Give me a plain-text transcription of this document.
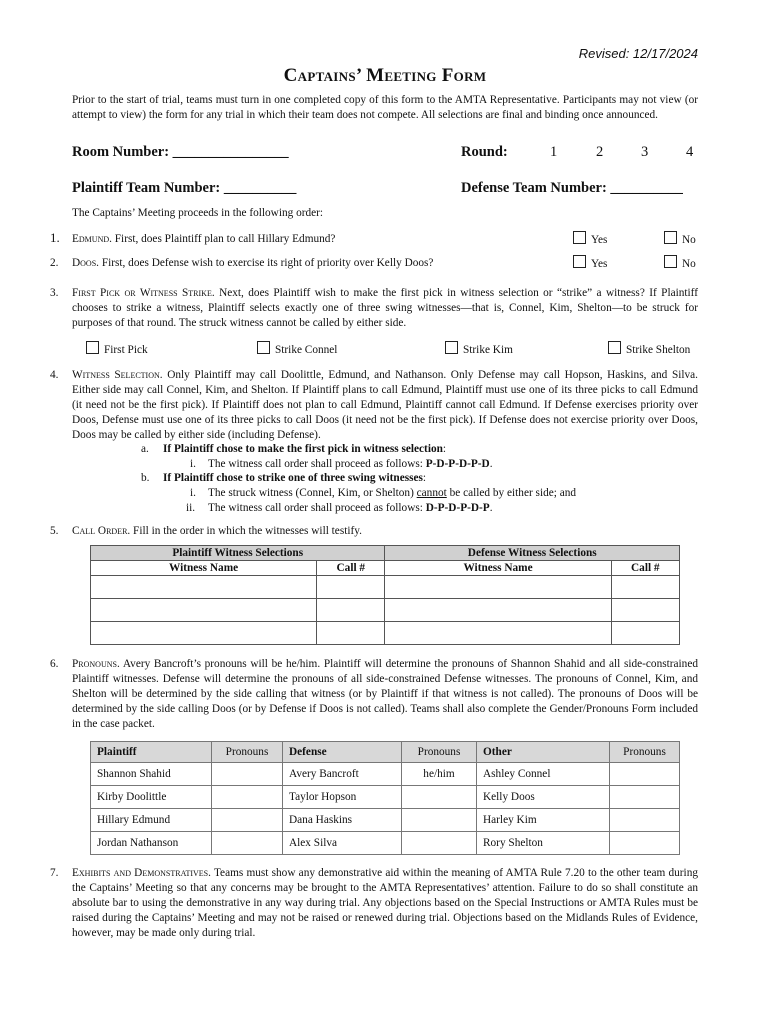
Revised: 12/17/2024
Captains’ Meeting Form
Prior to the start of trial, teams must turn in one completed copy of this form to the AMTA Representative. Participants may not view (or attempt to view) the form for any trial in which their team does not compete. All selections are final and binding once announced.
Room Number: ________________	Round:	1	2	3	4
Plaintiff Team Number: __________	Defense Team Number: __________
The Captains’ Meeting proceeds in the following order:
1. Edmund. First, does Plaintiff plan to call Hillary Edmund?	Yes	No
2. Doos. First, does Defense wish to exercise its right of priority over Kelly Doos?	Yes	No
3. First Pick or Witness Strike. Next, does Plaintiff wish to make the first pick in witness selection or “strike” a witness? If Plaintiff chooses to strike a witness, Plaintiff selects exactly one of three swing witnesses—that is, Connel, Kim, Shelton—to be struck for purposes of that round. The struck witness cannot be called by either side.
First Pick	Strike Connel	Strike Kim	Strike Shelton
4. Witness Selection. Only Plaintiff may call Doolittle, Edmund, and Nathanson. Only Defense may call Hopson, Haskins, and Silva. Either side may call Connel, Kim, and Shelton. If Plaintiff plans to call Edmund, Plaintiff must use one of its three picks to call Edmund (it need not be the first pick). If Plaintiff does not plan to call Edmund, Plaintiff cannot call Edmund. If Defense exercises priority over Doos, Defense must use one of its three picks to call Doos (it need not be the first pick). If Defense does not exercise priority over Doos, Doos may be called by either side (including Defense).
a. If Plaintiff chose to make the first pick in witness selection:
i. The witness call order shall proceed as follows: P-D-P-D-P-D.
b. If Plaintiff chose to strike one of three swing witnesses:
i. The struck witness (Connel, Kim, or Shelton) cannot be called by either side; and
ii. The witness call order shall proceed as follows: D-P-D-P-D-P.
5. Call Order. Fill in the order in which the witnesses will testify.
Plaintiff Witness Selections		Defense Witness Selections	
Witness Name	Call #	Witness Name	Call #

6. Pronouns. Avery Bancroft’s pronouns will be he/him. Plaintiff will determine the pronouns of Shannon Shahid and all side-constrained Plaintiff witnesses. Defense will determine the pronouns of all side-constrained Defense witnesses. The pronouns of Connel, Kim, and Shelton will be determined by the side calling that witness (or by Plaintiff if that witness is not called). The pronouns of Doos will be determined by the side calling Doos (or by Defense if Doos is not called). Teams shall also complete the Gender/Pronouns Form included in the case packet.
Plaintiff	Pronouns	Defense	Pronouns	Other	Pronouns
Shannon Shahid		Avery Bancroft	he/him	Ashley Connel	
Kirby Doolittle		Taylor Hopson		Kelly Doos	
Hillary Edmund		Dana Haskins		Harley Kim	
Jordan Nathanson		Alex Silva		Rory Shelton	
7. Exhibits and Demonstratives. Teams must show any demonstrative aid within the meaning of AMTA Rule 7.20 to the other team during the Captains’ Meeting so that any concerns may be brought to the AMTA Representatives’ attention. Failure to do so shall constitute an absolute bar to using the demonstrative in any way during trial. Any objections based on the Special Instructions or AMTA Rules must be raised during the Captains’ Meeting and may not be raised or renewed during trial. Objections based on the Midlands Rules of Evidence, however, may be made only during trial.
